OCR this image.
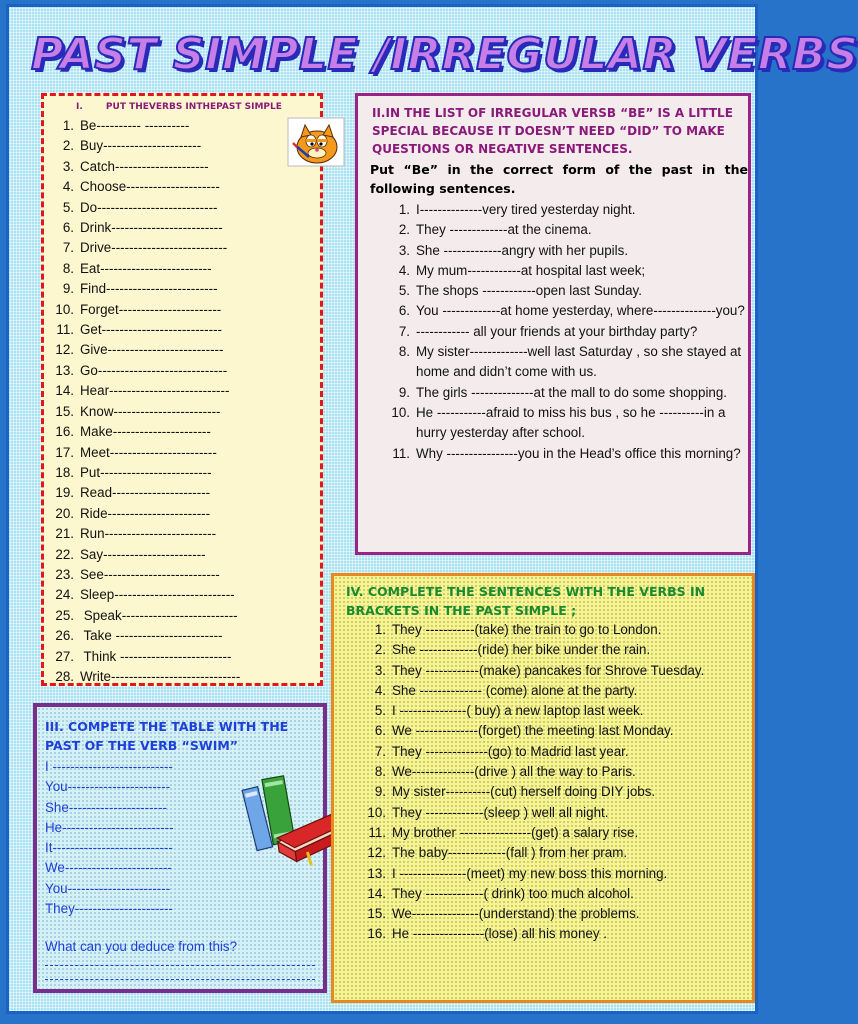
PAST SIMPLE /IRREGULAR VERBS

I.	PUT THEVERBS INTHEPAST SIMPLE

1. Be---------- ----------
2. Buy----------------------
3. Catch---------------------
4. Choose---------------------
5. Do---------------------------
6. Drink-------------------------
7. Drive--------------------------
8. Eat-------------------------
9. Find-------------------------
10. Forget-----------------------
11. Get---------------------------
12. Give--------------------------
13. Go-----------------------------
14. Hear---------------------------
15. Know------------------------
16. Make----------------------
17. Meet------------------------
18. Put-------------------------
19. Read----------------------
20. Ride-----------------------
21. Run-------------------------
22. Say-----------------------
23. See--------------------------
24. Sleep---------------------------
25. Speak--------------------------
26. Take ------------------------
27. Think -------------------------
28. Write-----------------------------

II.IN THE LIST OF IRREGULAR VERSB “BE” IS A LITTLE SPECIAL BECAUSE IT DOESN’T NEED “DID” TO MAKE QUESTIONS OR NEGATIVE SENTENCES.

Put “Be” in the correct form of the past in the following sentences.

1. I--------------very tired yesterday night.
2. They -------------at the cinema.
3. She -------------angry with her pupils.
4. My mum------------at hospital last week;
5. The shops ------------open last Sunday.
6. You -------------at home yesterday, where--------------you?
7. ------------ all your friends at your birthday party?
8. My sister-------------well last Saturday , so she stayed at home and didn’t come with us.
9. The girls --------------at the mall to do some shopping.
10. He -----------afraid to miss his bus , so he ----------in a hurry yesterday after school.
11. Why ----------------you in the Head’s office this morning?

III. COMPETE THE TABLE WITH THE PAST OF THE VERB “SWIM”

I ---------------------------
You-----------------------
She----------------------
He-------------------------
It---------------------------
We------------------------
You-----------------------
They----------------------

What can you deduce from this?

IV. COMPLETE THE SENTENCES WITH THE VERBS IN BRACKETS IN THE PAST SIMPLE ;

1. They -----------(take) the train to go to London.
2. She -------------(ride) her bike under the rain.
3. They ------------(make) pancakes for Shrove Tuesday.
4. She -------------- (come) alone at the party.
5. I ---------------( buy) a new laptop last week.
6. We --------------(forget) the meeting last Monday.
7. They --------------(go) to Madrid last year.
8. We--------------(drive ) all the way to Paris.
9. My sister----------(cut) herself doing DIY jobs.
10. They -------------(sleep ) well all night.
11. My brother ----------------(get) a salary rise.
12. The baby-------------(fall ) from her pram.
13. I ---------------(meet) my new boss this morning.
14. They -------------( drink) too much alcohol.
15. We---------------(understand) the problems.
16. He ----------------(lose) all his money .
